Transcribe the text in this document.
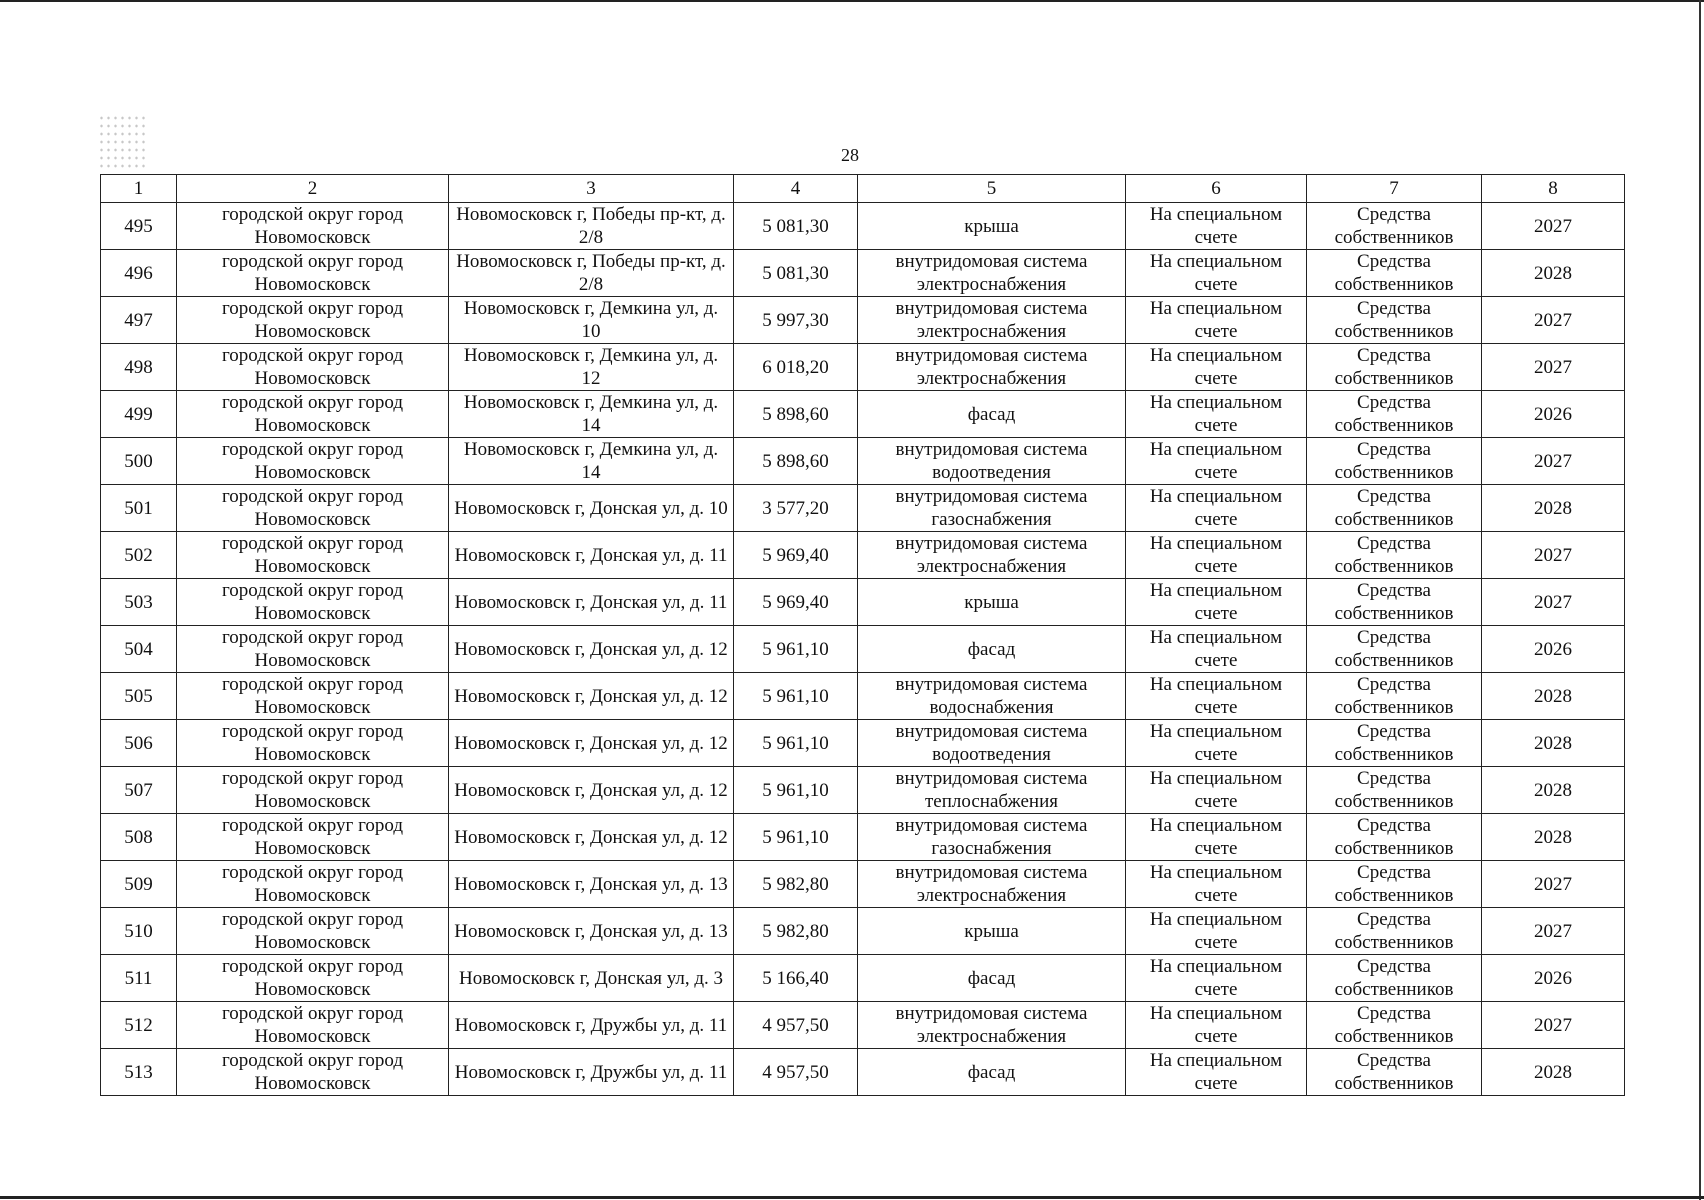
28
1	2	3	4	5	6	7	8
495	городской округ город Новомосковск	Новомосковск г, Победы пр-кт, д. 2/8	5 081,30	крыша	На специальном счете	Средства собственников	2027
496	городской округ город Новомосковск	Новомосковск г, Победы пр-кт, д. 2/8	5 081,30	внутридомовая система электроснабжения	На специальном счете	Средства собственников	2028
497	городской округ город Новомосковск	Новомосковск г, Демкина ул, д. 10	5 997,30	внутридомовая система электроснабжения	На специальном счете	Средства собственников	2027
498	городской округ город Новомосковск	Новомосковск г, Демкина ул, д. 12	6 018,20	внутридомовая система электроснабжения	На специальном счете	Средства собственников	2027
499	городской округ город Новомосковск	Новомосковск г, Демкина ул, д. 14	5 898,60	фасад	На специальном счете	Средства собственников	2026
500	городской округ город Новомосковск	Новомосковск г, Демкина ул, д. 14	5 898,60	внутридомовая система водоотведения	На специальном счете	Средства собственников	2027
501	городской округ город Новомосковск	Новомосковск г, Донская ул, д. 10	3 577,20	внутридомовая система газоснабжения	На специальном счете	Средства собственников	2028
502	городской округ город Новомосковск	Новомосковск г, Донская ул, д. 11	5 969,40	внутридомовая система электроснабжения	На специальном счете	Средства собственников	2027
503	городской округ город Новомосковск	Новомосковск г, Донская ул, д. 11	5 969,40	крыша	На специальном счете	Средства собственников	2027
504	городской округ город Новомосковск	Новомосковск г, Донская ул, д. 12	5 961,10	фасад	На специальном счете	Средства собственников	2026
505	городской округ город Новомосковск	Новомосковск г, Донская ул, д. 12	5 961,10	внутридомовая система водоснабжения	На специальном счете	Средства собственников	2028
506	городской округ город Новомосковск	Новомосковск г, Донская ул, д. 12	5 961,10	внутридомовая система водоотведения	На специальном счете	Средства собственников	2028
507	городской округ город Новомосковск	Новомосковск г, Донская ул, д. 12	5 961,10	внутридомовая система теплоснабжения	На специальном счете	Средства собственников	2028
508	городской округ город Новомосковск	Новомосковск г, Донская ул, д. 12	5 961,10	внутридомовая система газоснабжения	На специальном счете	Средства собственников	2028
509	городской округ город Новомосковск	Новомосковск г, Донская ул, д. 13	5 982,80	внутридомовая система электроснабжения	На специальном счете	Средства собственников	2027
510	городской округ город Новомосковск	Новомосковск г, Донская ул, д. 13	5 982,80	крыша	На специальном счете	Средства собственников	2027
511	городской округ город Новомосковск	Новомосковск г, Донская ул, д. 3	5 166,40	фасад	На специальном счете	Средства собственников	2026
512	городской округ город Новомосковск	Новомосковск г, Дружбы ул, д. 11	4 957,50	внутридомовая система электроснабжения	На специальном счете	Средства собственников	2027
513	городской округ город Новомосковск	Новомосковск г, Дружбы ул, д. 11	4 957,50	фасад	На специальном счете	Средства собственников	2028
